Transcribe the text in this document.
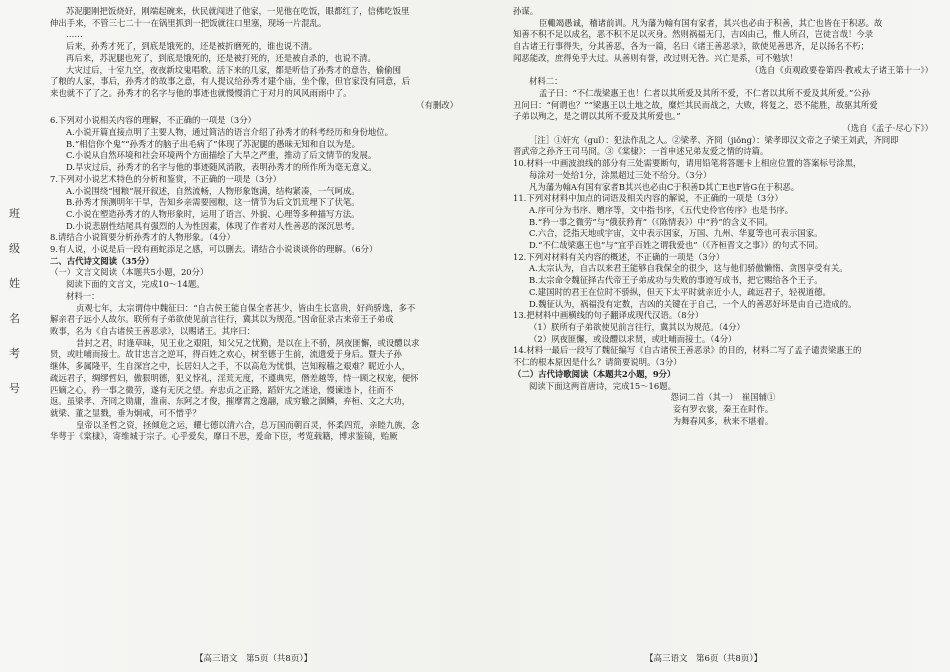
班
级
姓
名
考
号

苏泥腿刚把饭烧好，刚端起碗来，伙民就闯进了他家，一见他在吃饭，眼都红了，信佛吃饭里

伸出手来，不管三七二十一在锅里抓到一把饭就往口里塞，现场一片混乱。

……

后来，孙秀才死了，到底是饿死的，还是被折磨死的，谁也说不清。

再后来，苏泥腿也死了，到底是饿死的，还是被打死的，还是被自杀的，也说不清。

大灾过后，十室九空，夜夜新坟鬼唱歌。活下来的几家，都是听信了孙秀才的意告，偷偷囤

了粮的人家，事后，孙秀才的故事之意，有人提议给孙秀才建个庙，坐个像，但官家没有同意，后

来也就不了了之。孙秀才的名字与他的事迹也就慢慢消亡于对月的风风雨雨中了。

（有删改）

6.下列对小说相关内容的理解，不正确的一项是（3分）

A.小说开篇直接点明了主要人物，通过简洁的语言介绍了孙秀才的科考经历和身份地位。

B.“相信你个鬼”“孙秀才的脑子出毛病了”体现了苏泥腿的愚昧无知和自以为是。

C.小说从自然环境和社会环境两个方面描绘了大旱之严重，推动了后文情节的发展。

D.旱灾过后，孙秀才的名字与他的事迹随风消散，表明孙秀才的所作所为毫无意义。

7.下列对小说艺术特色的分析和鉴赏，不正确的一项是（3分）

A.小说围绕“囤粮”展开叙述，自然流畅，人物形象饱满，结构紧凑，一气呵成。

B.孙秀才预测明年干旱，告知乡亲需要囤粮，这一情节为后文饥荒埋下了伏笔。

C.小说在塑造孙秀才的人物形象时，运用了语言、外貌、心理等多种描写方法。

D.小说悲剧性结尾具有强烈的人为性因素，体现了作者对人性善恶的深沉思考。

8.请结合小说简要分析孙秀才的人物形象。（4分）

9.有人说，小说是后一段有画蛇添足之感，可以删去。请结合小说谈谈你的理解。（6分）

二、古代诗文阅读（35分）

（一）文言文阅读（本题共5小题，20分）

阅读下面的文言文，完成10～14题。

材料一：

贞观七年，太宗谓侍中魏征曰：“自古侯王能自保全者甚少，皆由生长富贵，好尚骄逸，多不

解亲君子远小人故尔。联所有子弟欲使见前言往行，冀其以为规范。”因命征录古来帝王子弟成

败事，名为《自古诸侯王善恶录》，以赐诸王。其序曰：

昔封之君，时逢草昧，见王业之艰阻，知父兄之忧勤，是以在上不骄，夙夜匪懈，或设醴以求

贤，或吐哺而接士。故甘忠言之逆耳，得百姓之欢心，树至德于生前，流遗爱于身后。暨夫子孙

继体，多属隆平，生自深宫之中，长居妇人之手，不以高危为忧惧，岂知稼穑之艰难？昵近小人，

疏远君子，绸缪哲妇，傲狠明德，犯义悖礼，淫荒无度，不遵典宪，僭差越等，恃一顾之权宠，便怀

匹嫡之心，矜一事之微劳，遂有无厌之望。弃忠贞之正路，蹈奸宄之迷途，慢谏违卜，往而不

返。虽梁孝、齐冏之勋庸，淮南、东阿之才俊，摧摩霄之逸翮，成穷辙之涸鳞，弃桓、文之大功，

就梁、董之显戮，垂为炯戒，可不惜乎？

皇帝以圣哲之资，拯倾危之运，耀七德以清六合，总万国而朝百灵，怀柔四荒，亲睦九族，念

华萼于《棠棣》，寄维城于宗子。心乎爱矣，靡日不思，爰命下臣，考览载籍，博求鉴镜，贻厥

【高三语文　第5页（共8页）】

孙谋。

臣輙竭愚诚，稽诸前训。凡为藩为翰有国有家者，其兴也必由于积善，其亡也皆在于积恶。故

知善不积不足以成名，恶不积不足以灭身。然则祸福无门，吉凶由己，惟人所召，岂徒言哉！今录

自古诸王行事得失，分其善恶，各为一篇，名曰《诸王善恶录》，欲使见善思齐，足以扬名不朽；

闻恶能改，庶得免乎大过。从善则有誉，改过则无咎。兴亡是系，可不勉欤！

（选自《贞观政要卷第四·教戒太子诸王第十一》）

材料二：

孟子曰：“不仁哉梁惠王也！仁者以其所爱及其所不爱，不仁者以其所不爱及其所爱。”公孙

丑问曰：“何谓也？”“梁惠王以土地之故，糜烂其民而战之，大败，将复之，恐不能胜，故驱其所爱

子弟以殉之，是之谓以其所不爱及其所爱也。”

（选自《孟子·尽心下》）

［注］①奸宄（guǐ）：犯法作乱之人。②梁孝、齐冏（jiǒng）：梁孝即汉文帝之子梁王刘武，齐冏即

晋武帝之孙齐王司马冏。③《棠棣》：一首申述兄弟友爱之情的诗篇。

10.材料一中画波浪线的部分有三处需要断句，请用铅笔将答题卡上相应位置的答案标号涂黑，

每涂对一处给1分，涂黑超过三处不给分。（3分）

凡为藩为翰A有国有家者B其兴也必由C于积善D其亡E也F皆G在于积恶。

11.下列对材料中加点的词语及相关内容的解说，不正确的一项是（3分）

A.序可分为书序、赠序等，文中指书序，《五代史伶官传序》也是书序。

B.“矜一事之微劳”与“俄获矜育”（《陈情表》）中“矜”的含义不同。

C.六合，泛指天地或宇宙，文中表示国家，万国、九州、华夏等也可表示国家。

D.“不仁哉梁惠王也”与“宜乎百姓之谓我爱也”（《齐桓晋文之事》）的句式不同。

12.下列对材料有关内容的概述，不正确的一项是（3分）

A.太宗认为，自古以来君王能够自我保全的很少，这与他们骄傲懒惰、贪图享受有关。

B.太宗命令魏征择古代帝王子弟成功与失败的事迹写成书，把它赐给各个王子。

C.建国时的君王在位时不骄纵，但天下太平时就亲近小人，疏远君子，轻视道德。

D.魏征认为，祸福没有定数，吉凶的关键在于自己，一个人的善恶好坏是由自己造成的。

13.把材料中画横线的句子翻译成现代汉语。（8分）

（1）朕所有子弟欲使见前言往行，冀其以为规范。（4分）

（2）夙夜匪懈，或设醴以求贤，或吐哺而接士。（4分）

14.材料一最后一段写了魏征编写《自古诸侯王善恶录》的目的，材料二写了孟子谴责梁惠王的

不仁的根本原因是什么？请简要说明。（3分）

（二）古代诗歌阅读（本题共2小题，9分）

阅读下面这两首唐诗，完成15～16题。

怨词二首（其一）　崔国辅①

妾有罗衣裳，秦王在时作。

为舞春风多，秋来不堪着。

【高三语文　第6页（共8页）】
